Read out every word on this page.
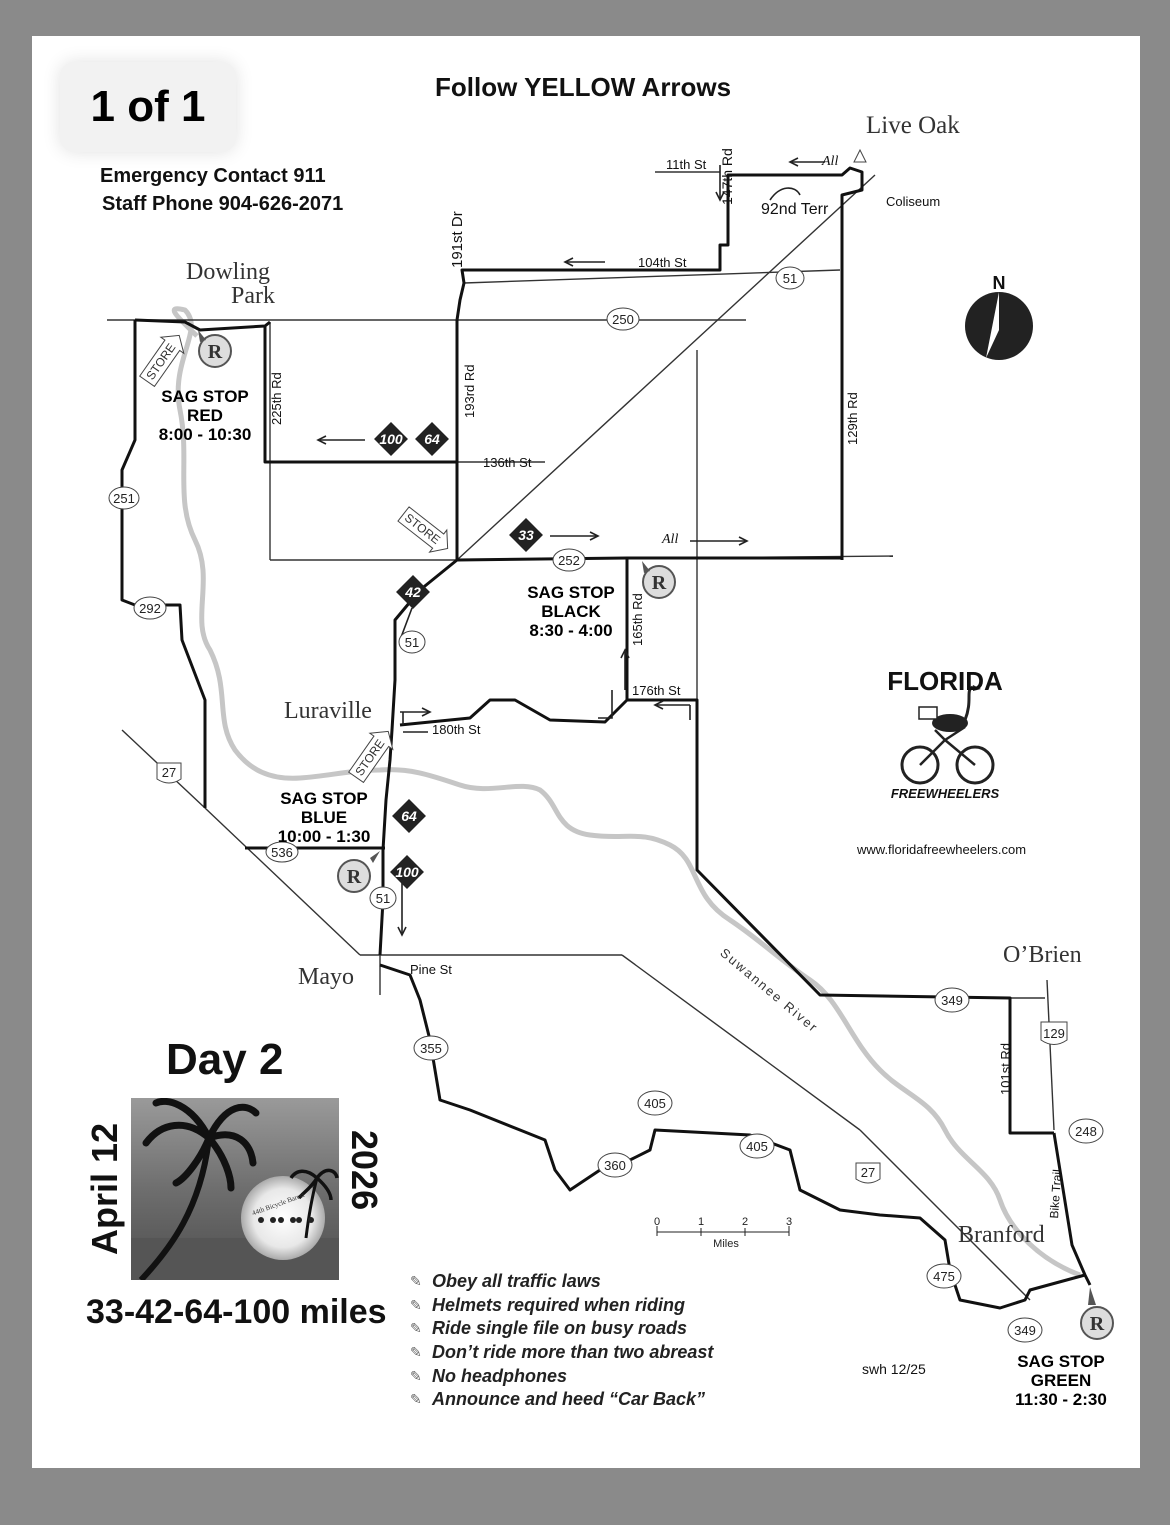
51
250
251
292
27
536
51
252
51
355
405
360
405
27
349
129
248
475
349
100 64
33
42
64
100
R
R
R
R
STORE
STORE
STORE
N
0	1	2	3
Miles
FLORIDA
FREEWHEELERS
1 of 1	Follow YELLOW Arrows
Emergency Contact 911
Staff Phone 904-626-2071
Live Oak
Dowling
Park
Luraville
Mayo
O’Brien
Branford
11th St 147th Rd
92nd Terr	Coliseum
104th St
191st Dr
193rd Rd
225th Rd
136th St
129th Rd
165th Rd
176th St
180th St
Pine St
101st Rd
Bike Trail
Suwannee River
All
All
SAG STOP
RED
8:00 - 10:30
SAG STOP
BLACK
8:30 - 4:00
SAG STOP
BLUE
10:00 - 1:30
SAG STOP
GREEN
11:30 - 2:30
www.floridafreewheelers.com
Day 2
April 12	2026
44th Bicycle Barest
33-42-64-100 miles
✎ Obey all traffic laws
✎ Helmets required when riding
✎ Ride single file on busy roads
✎ Don’t ride more than two abreast
✎ No headphones
✎ Announce and heed “Car Back”
swh 12/25
